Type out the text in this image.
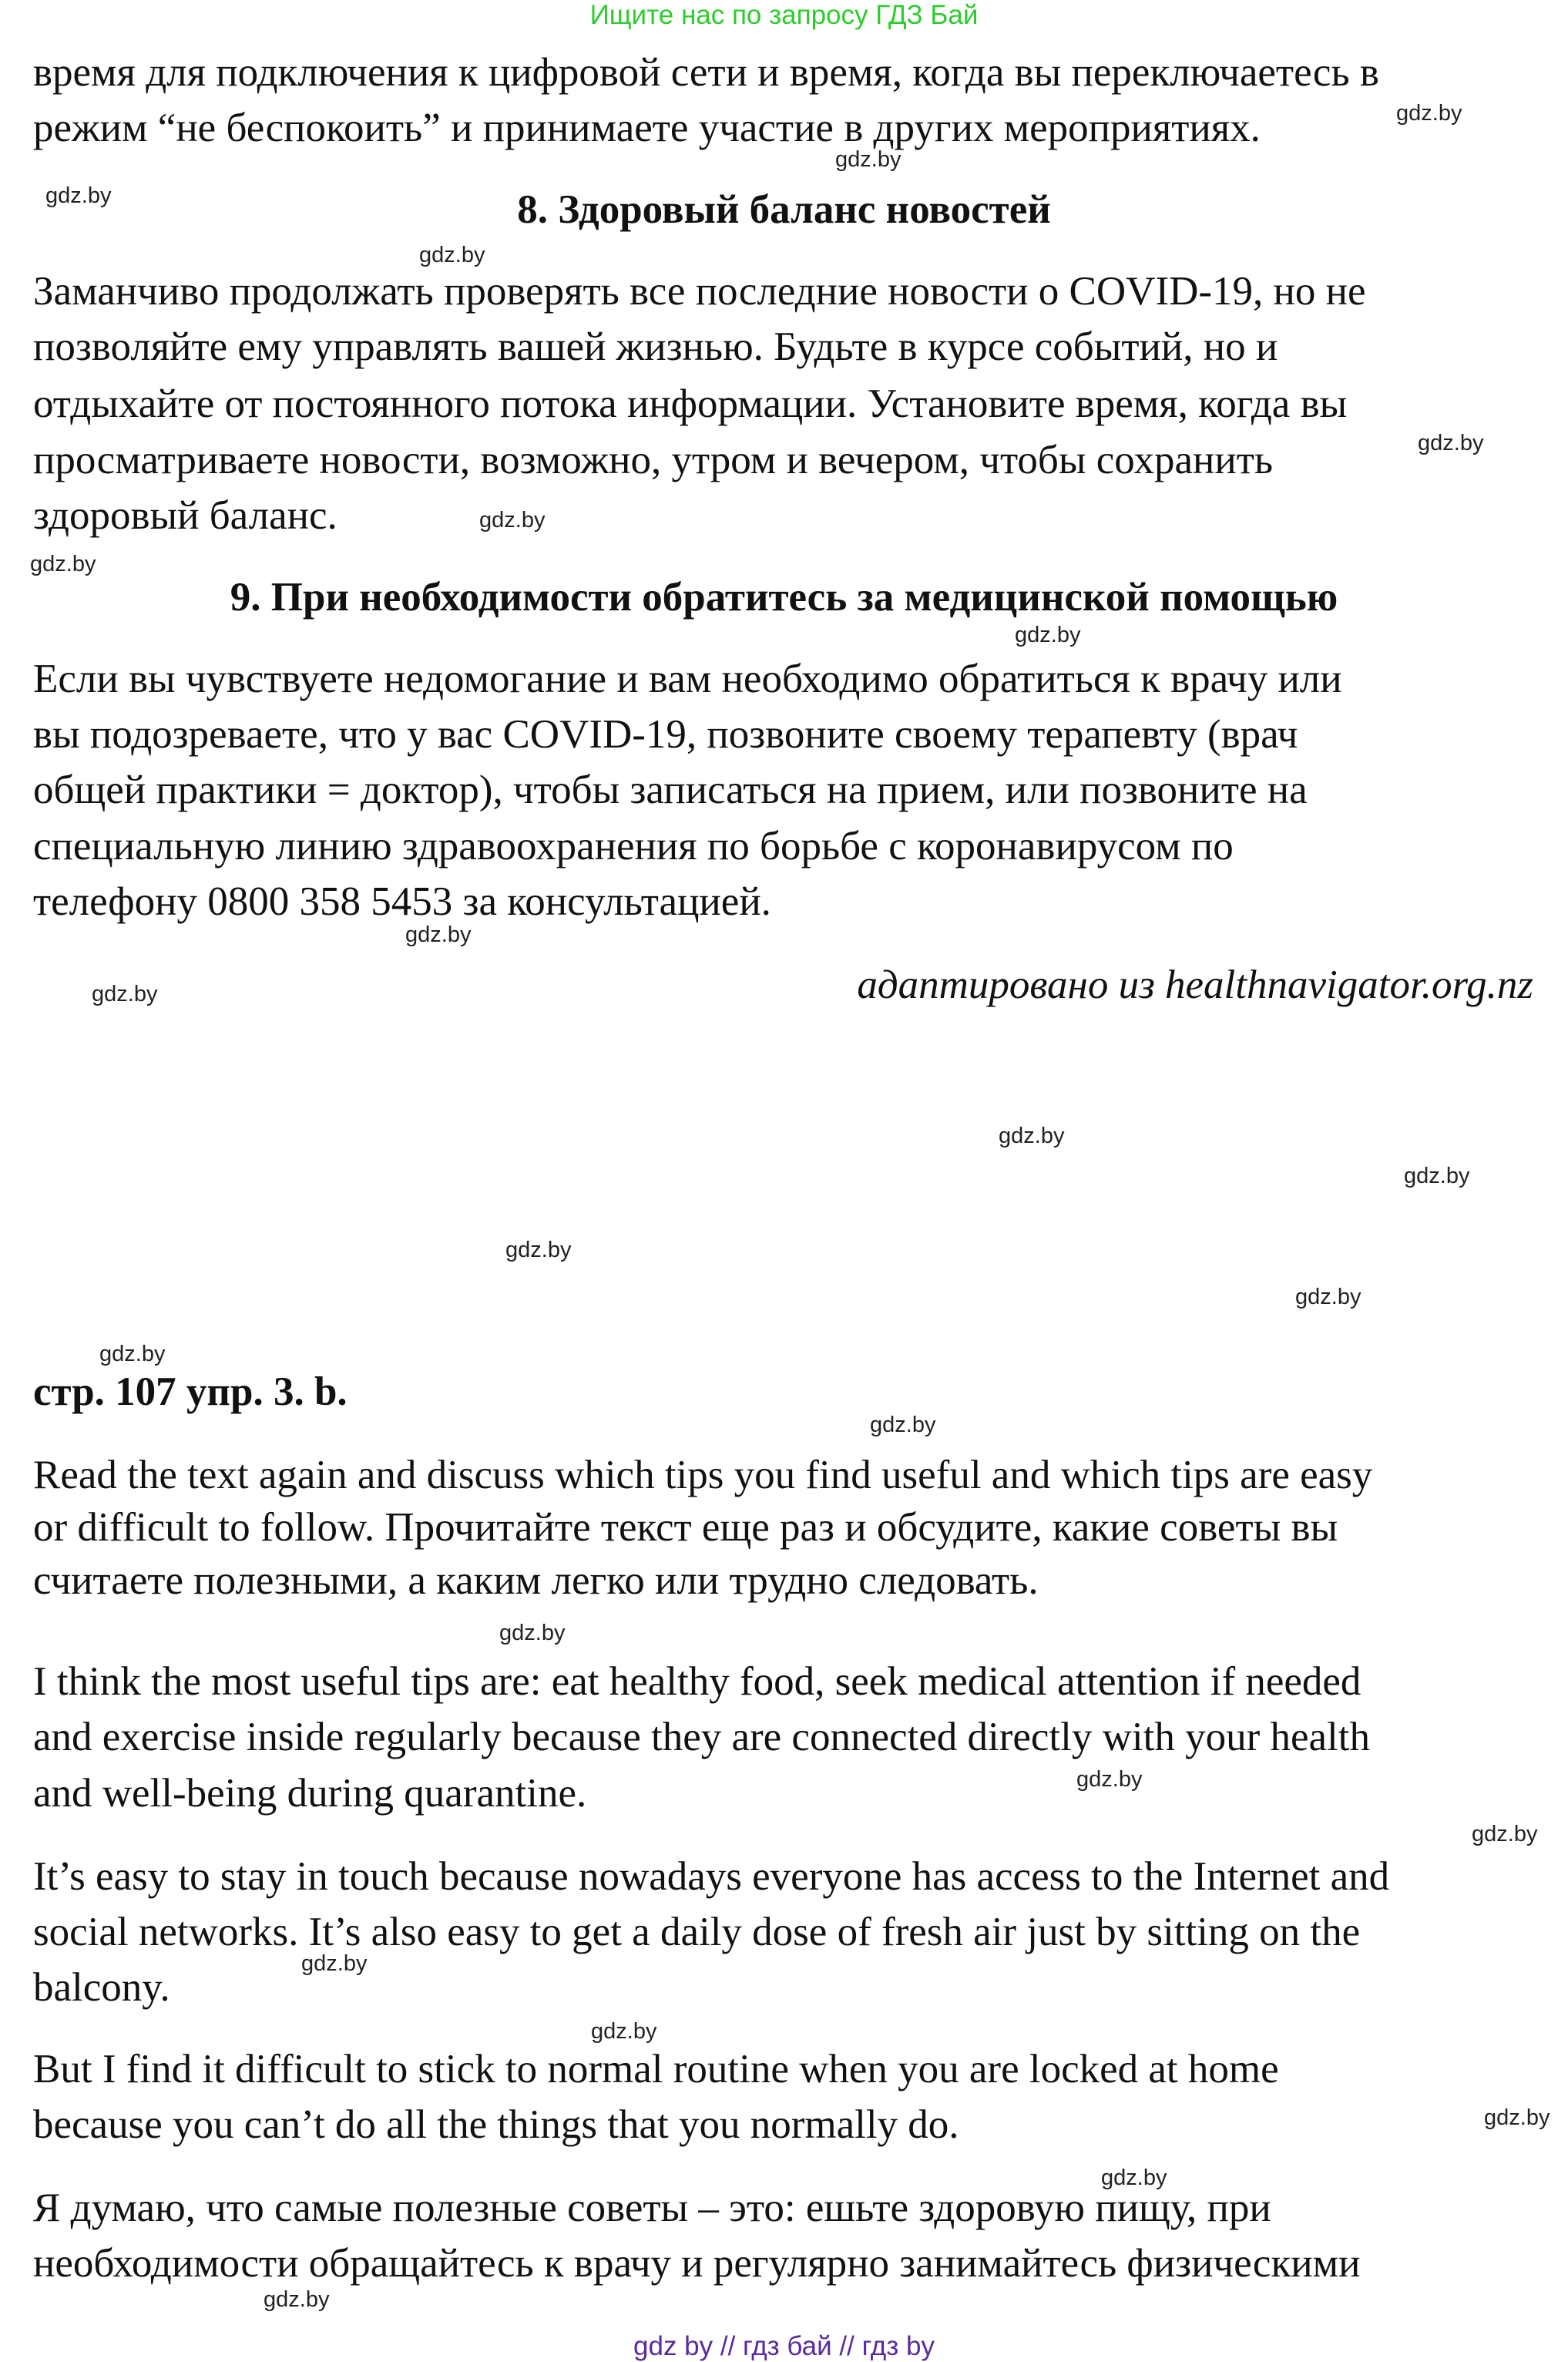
Ищите нас по запросу ГДЗ Бай
время для подключения к цифровой сети и время, когда вы переключаетесь в
режим “не беспокоить” и принимаете участие в других мероприятиях.
8. Здоровый баланс новостей
Заманчиво продолжать проверять все последние новости о COVID-19, но не
позволяйте ему управлять вашей жизнью. Будьте в курсе событий, но и
отдыхайте от постоянного потока информации. Установите время, когда вы
просматриваете новости, возможно, утром и вечером, чтобы сохранить
здоровый баланс.
9. При необходимости обратитесь за медицинской помощью
Если вы чувствуете недомогание и вам необходимо обратиться к врачу или
вы подозреваете, что у вас COVID-19, позвоните своему терапевту (врач
общей практики = доктор), чтобы записаться на прием, или позвоните на
специальную линию здравоохранения по борьбе с коронавирусом по
телефону 0800 358 5453 за консультацией.
адаптировано из healthnavigator.org.nz
стр. 107 упр. 3. b.
Read the text again and discuss which tips you find useful and which tips are easy
or difficult to follow. Прочитайте текст еще раз и обсудите, какие советы вы
считаете полезными, а каким легко или трудно следовать.
I think the most useful tips are: eat healthy food, seek medical attention if needed
and exercise inside regularly because they are connected directly with your health
and well-being during quarantine.
It’s easy to stay in touch because nowadays everyone has access to the Internet and
social networks. It’s also easy to get a daily dose of fresh air just by sitting on the
balcony.
But I find it difficult to stick to normal routine when you are locked at home
because you can’t do all the things that you normally do.
Я думаю, что самые полезные советы – это: ешьте здоровую пищу, при
необходимости обращайтесь к врачу и регулярно занимайтесь физическими
gdz.by
gdz.by
gdz.by
gdz.by
gdz.by
gdz.by
gdz.by
gdz.by
gdz.by
gdz.by
gdz.by
gdz.by
gdz.by
gdz.by
gdz.by
gdz.by
gdz.by
gdz.by
gdz.by
gdz.by
gdz.by
gdz.by
gdz.by
gdz.by
gdz by // гдз бай // гдз by
